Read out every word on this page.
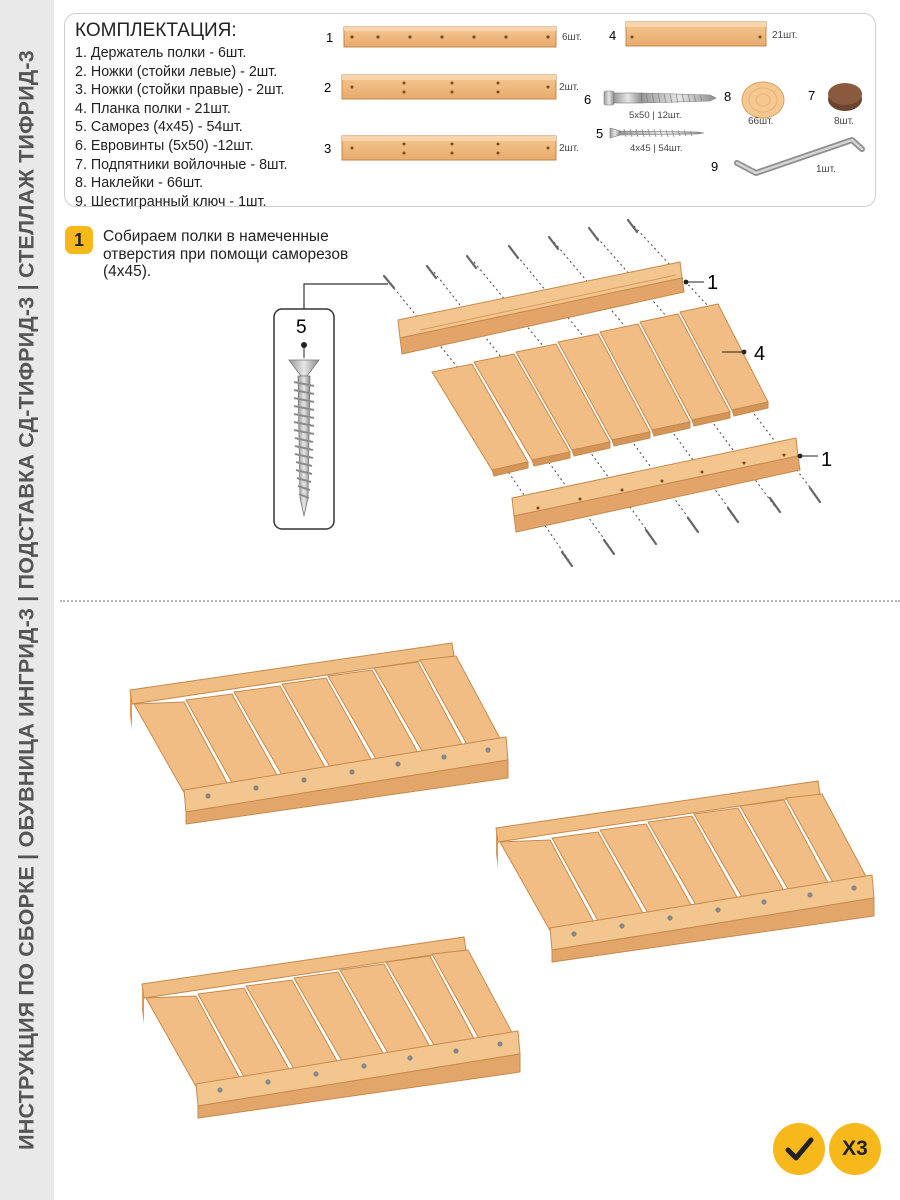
ИНСТРУКЦИЯ ПО СБОРКЕ | ОБУВНИЦА ИНГРИД-3 | ПОДСТАВКА СД-ТИФРИД-3 | СТЕЛЛАЖ ТИФРИД-3
КОМПЛЕКТАЦИЯ:
1. Держатель полки - 6шт.
2. Ножки (стойки левые) - 2шт.
3. Ножки (стойки правые) - 2шт.
4. Планка полки - 21шт.
5. Саморез (4х45) - 54шт.
6. Евровинты (5х50) -12шт.
7. Подпятники войлочные - 8шт.
8. Наклейки - 66шт.
9. Шестигранный ключ - 1шт.
1	Собираем полки в намеченные отверстия при помощи саморезов (4х45).
1	6шт.
2	2шт.
3	2шт.
4	21шт.
6
5х50 | 12шт.
5
4х45 | 54шт.
8
66шт.
7
8шт.
9	1шт.
5
1
4
1
Х3
